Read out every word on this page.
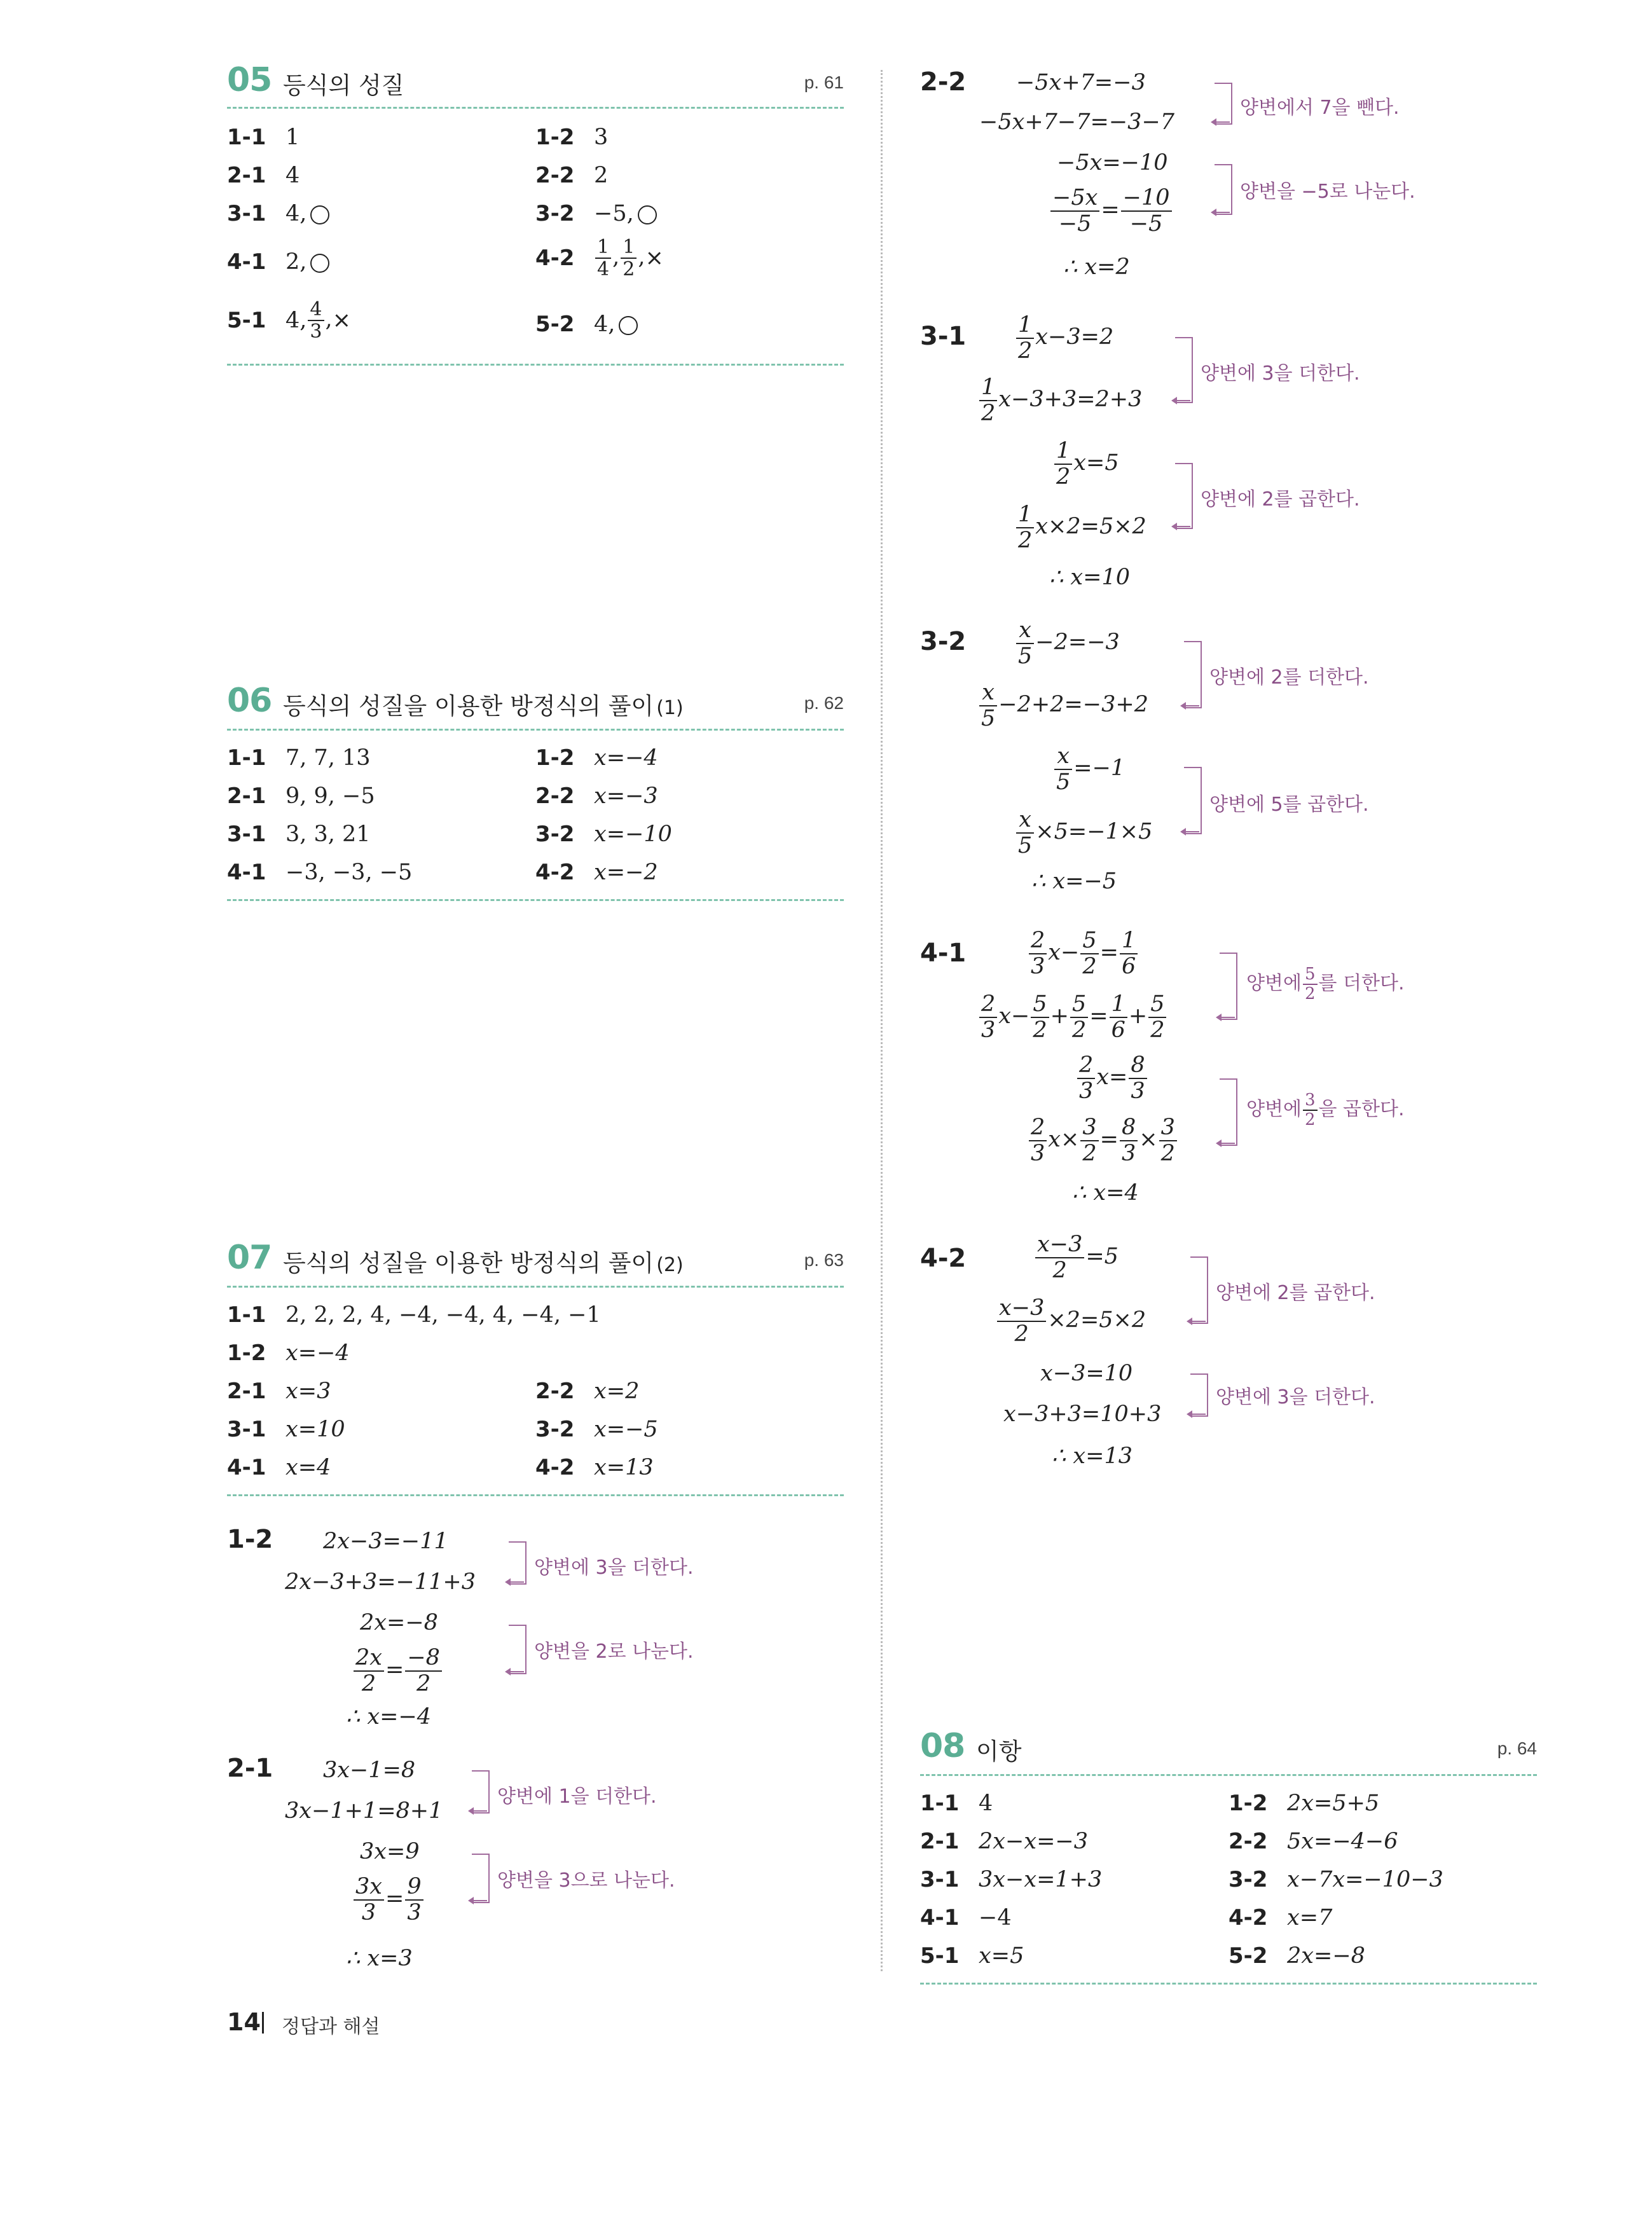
05 등식의 성질	p. 61
1-1 1	1-2 3
2-1 4	2-2 2
3-1 4,	3-2 −5,
4-1 2,	$4-2 \frac{1}{4}$ , $\frac{1}{2}$ ,×
5-1 4, $\frac{4}{3}$ ,×	5-2 4,
06 등식의 성질을 이용한 방정식의 풀이 (1)	p. 62
1-1 7, 7, 13	1-2 x=−4
2-1 9, 9, −5	2-2 x=−3
3-1 3, 3, 21	3-2 x=−10
4-1 −3, −3, −5	4-2 x=−2
07 등식의 성질을 이용한 방정식의 풀이 (2)	p. 63
1-1 2, 2, 2, 4, −4, −4, 4, −4, −1
1-2 x=−4
2-1 x=3	2-2 x=2
3-1 x=10	3-2 x=−5
4-1 x=4	4-2 x=13
1-2 2x−3=−11
2x−3+3=−11+3
양변에 3을 더한다.
2x=−8
$\frac{2x}{2} = \frac{-8}{2}$	양변을 2로 나눈다.
∴ x=−4
2-1 3x−1=8
3x−1+1=8+1
양변에 1을 더한다.
3x=9
$\frac{3x}{3} = \frac{9}{3}$	양변을 3으로 나눈다.
∴ x=3
2-2 −5x+7=−3
−5x+7−7=−3−7
양변에서 7을 뺀다.
−5x=−10
$\frac{-5x}{-5} = \frac{-10}{-5}$	양변을 −5로 나눈다.
∴ x=2
$3-1 \frac{1}{2} x-3=2$
$\frac{1}{2} x-3+3=2+3$
양변에 3을 더한다.
$\frac{1}{2} x=5$
$\frac{1}{2} x\times 2=5\times 2$
양변에 2를 곱한다.
∴ x=10
$3-2 \frac{x}{5} -2=-3$
$\frac{x}{5} -2+2=-3+2$
양변에 2를 더한다.
$\frac{x}{5} =-1$
$\frac{x}{5} \times 5=-1\times 5$
양변에 5를 곱한다.
∴ x=−5
4-1	$\frac{2}{3} x- \frac{5}{2} = \frac{1}{6}$
$\frac{2}{3} x- \frac{5}{2} + \frac{5}{2} = \frac{1}{6} + \frac{5}{2}$
양변에 $\frac{5}{2}$ 를 더한다.
$\frac{2}{3} x= \frac{8}{3}$
$\frac{2}{3} x\times \frac{3}{2} = \frac{8}{3} \times \frac{3}{2}$
양변에 $\frac{3}{2}$ 을 곱한다.
∴ x=4
4-2	$\frac{x-3}{2} =5$
$\frac{x-3}{2} \times 2=5\times 2$
양변에 2를 곱한다.
x−3=10
x−3+3=10+3
양변에 3을 더한다.
∴ x=13
08 이항	p. 64
1-1 4	1-2 2x=5+5
2-1 2x−x=−3	2-2 5x=−4−6
3-1 3x−x=1+3	3-2 x−7x=−10−3
4-1 −4	4-2 x=7
5-1 x=5	5-2 2x=−8
14 정답과 해설
